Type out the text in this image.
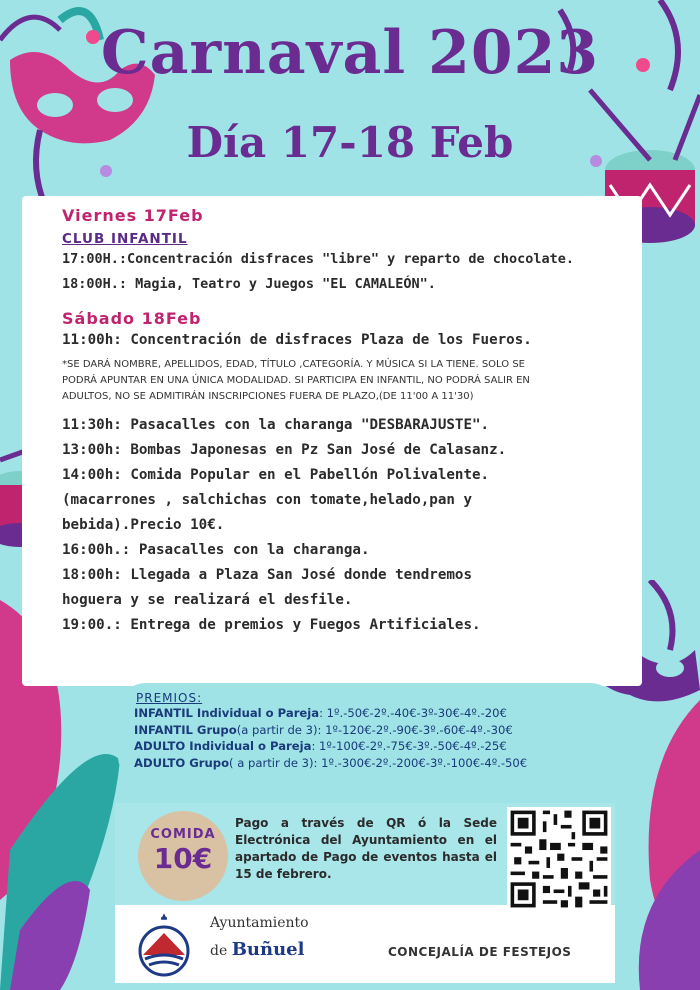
Carnaval 2023
Día 17-18 Feb
Viernes 17Feb
CLUB INFANTIL
17:00H.:Concentración disfraces "libre" y reparto de chocolate.
18:00H.: Magia, Teatro y Juegos "EL CAMALEÓN".
Sábado 18Feb
11:00h: Concentración de disfraces Plaza de los Fueros.
*SE DARÁ NOMBRE, APELLIDOS, EDAD, TÍTULO ,CATEGORÍA. Y MÚSICA SI LA TIENE. SOLO SE
PODRÁ APUNTAR EN UNA ÚNICA MODALIDAD. SI PARTICIPA EN INFANTIL, NO PODRÁ SALIR EN
ADULTOS, NO SE ADMITIRÁN INSCRIPCIONES FUERA DE PLAZO,(DE 11'00 A 11'30)
11:30h: Pasacalles con la charanga "DESBARAJUSTE".
13:00h: Bombas Japonesas en Pz San José de Calasanz.
14:00h: Comida Popular en el Pabellón Polivalente.
(macarrones , salchichas con tomate,helado,pan y
bebida).Precio 10€.
16:00h.: Pasacalles con la charanga.
18:00h: Llegada a Plaza San José donde tendremos
hoguera y se realizará el desfile.
19:00.: Entrega de premios y Fuegos Artificiales.
PREMIOS:
INFANTIL Individual o Pareja: 1º.-50€-2º.-40€-3º-30€-4º.-20€
INFANTIL Grupo(a partir de 3): 1º-120€-2º.-90€-3º.-60€-4º.-30€
ADULTO Individual o Pareja: 1º-100€-2º.-75€-3º.-50€-4º.-25€
ADULTO Grupo( a partir de 3): 1º.-300€-2º.-200€-3º.-100€-4º.-50€
COMIDA
10€
Pago a través de QR ó la Sede Electrónica del Ayuntamiento en el apartado de Pago de eventos hasta el 15 de febrero.
Ayuntamiento
de Buñuel	CONCEJALÍA DE FESTEJOS
